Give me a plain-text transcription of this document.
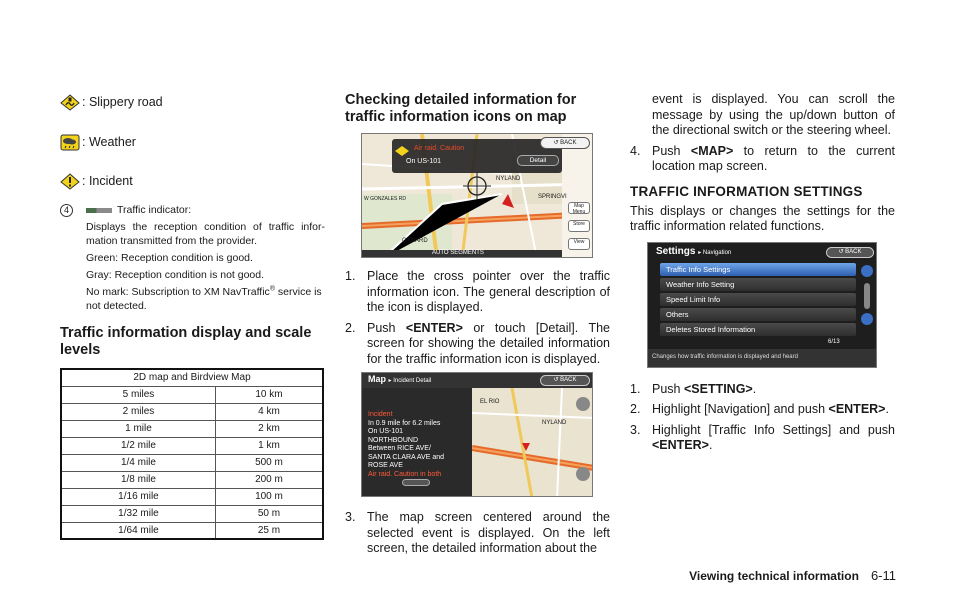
: Slippery road
: Weather
: Incident
4	Traffic indicator:

Displays the reception condition of traffic infor-mation transmitted from the provider.

Green: Reception condition is good.

Gray: Reception condition is not good.

No mark: Subscription to XM NavTraffic® service is not detected.

Traffic information display and scale levels
2D map and Birdview Map	
5 miles	10 km
2 miles	4 km
1 mile	2 km
1/2 mile	1 km
1/4 mile	500 m
1/8 mile	200 m
1/16 mile	100 m
1/32 mile	50 m
1/64 mile	25 m
Checking detailed information for traffic information icons on map
↺ BACK
Air raid. Caution
On US-101	Detail
NYLAND
SPRINGVI
OXNARD
W GONZALES RD
AUTO SEGMENTS
Map Menu
Store
View
1. Place the cross pointer over the traffic information icon. The general description of the icon is displayed.
2. Push <ENTER> or touch [Detail]. The screen for showing the detailed information for the traffic information icon is displayed.
Map ▸ Incident Detail	↺ BACK
Incident
In 0.9 mile for 6.2 miles
On US-101
NORTHBOUND
Between RICE AVE/
SANTA CLARA AVE and
ROSE AVE
Air raid. Caution in both
EL RIO
NYLAND
3. The map screen centered around the selected event is displayed. On the left screen, the detailed information about the

event is displayed. You can scroll the message by using the up/down button of the directional switch or the steering wheel.

4. Push <MAP> to return to the current location map screen.
TRAFFIC INFORMATION SETTINGS

This displays or changes the settings for the traffic information related functions.

Settings ▸ Navigation	↺ BACK
Traffic Info Settings
Weather Info Setting
Speed Limit Info
Others
Deletes Stored Information
6/13
Changes how traffic information is displayed and heard
1. Push <SETTING>.
2. Highlight [Navigation] and push <ENTER>.
3. Highlight [Traffic Info Settings] and push <ENTER>.
Viewing technical information 6-11
